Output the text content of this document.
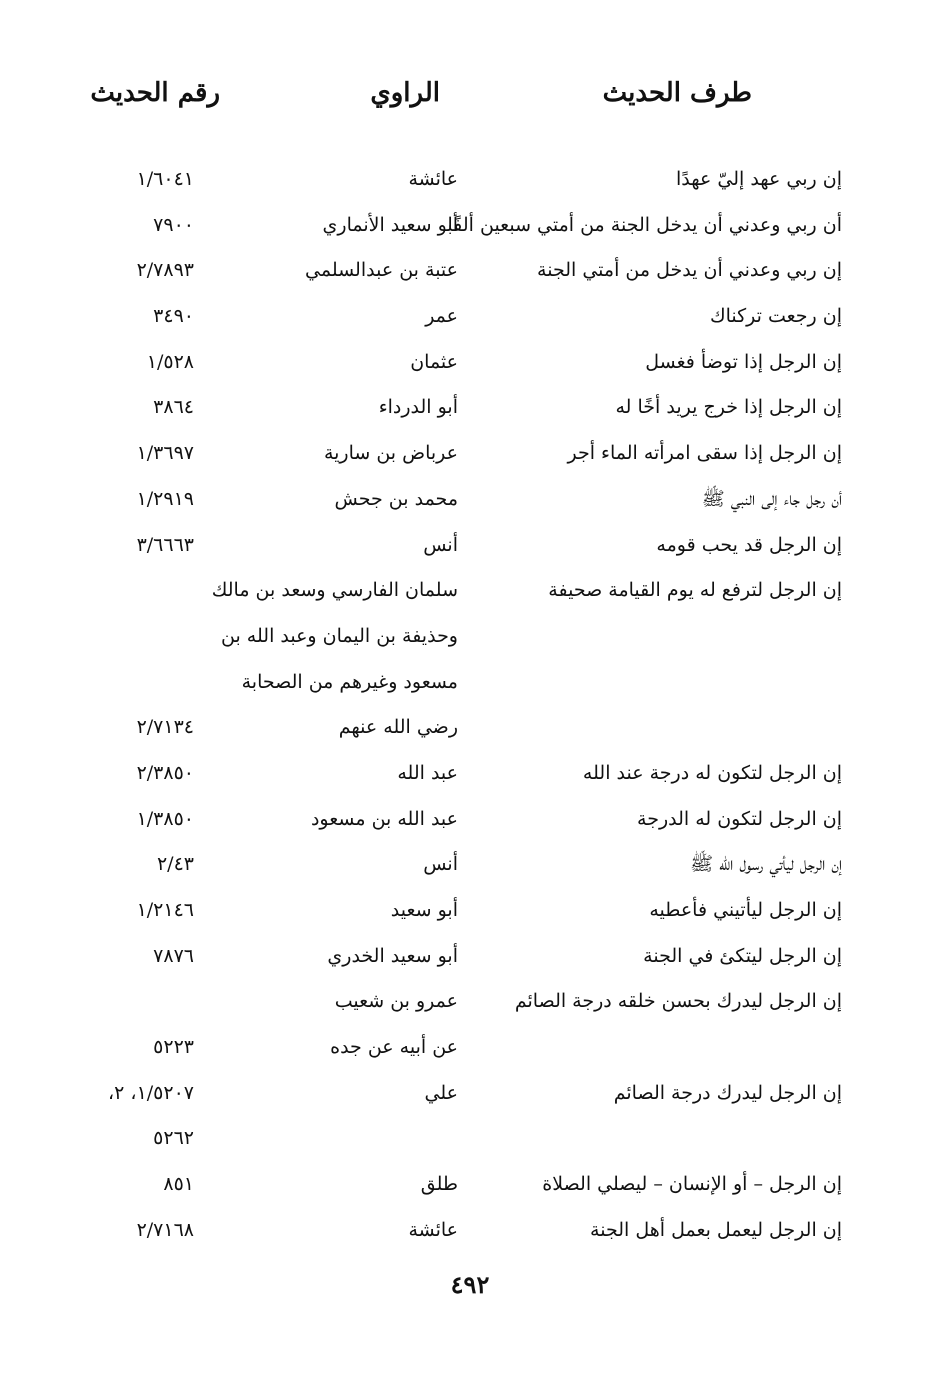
طرف الحديث
الراوي
رقم الحديث
إن ربي عهد إليّ عهدًا
عائشة
١/٦٠٤١
أن ربي وعدني أن يدخل الجنة من أمتي سبعين ألفًا
أبو سعيد الأنماري
٧٩٠٠
إن ربي وعدني أن يدخل من أمتي الجنة
عتبة بن عبدالسلمي
٢/٧٨٩٣
إن رجعت تركناك
عمر
٣٤٩٠
إن الرجل إذا توضأ فغسل
عثمان
١/٥٢٨
إن الرجل إذا خرج يريد أخًا له
أبو الدرداء
٣٨٦٤
إن الرجل إذا سقى امرأته الماء أجر
عرباض بن سارية
١/٣٦٩٧
أن رجل جاء إلى النبي ﷺ
محمد بن جحش
١/٢٩١٩
إن الرجل قد يحب قومه
أنس
٣/٦٦٦٣
إن الرجل لترفع له يوم القيامة صحيفة
سلمان الفارسي وسعد بن مالك
وحذيفة بن اليمان وعبد الله بن
مسعود وغيرهم من الصحابة
رضي الله عنهم
٢/٧١٣٤
إن الرجل لتكون له درجة عند الله
عبد الله
٢/٣٨٥٠
إن الرجل لتكون له الدرجة
عبد الله بن مسعود
١/٣٨٥٠
إن الرجل ليأتي رسول الله ﷺ
أنس
٢/٤٣
إن الرجل ليأتيني فأعطيه
أبو سعيد
١/٢١٤٦
إن الرجل ليتكئ في الجنة
أبو سعيد الخدري
٧٨٧٦
إن الرجل ليدرك بحسن خلقه درجة الصائم
عمرو بن شعيب
عن أبيه عن جده
٥٢٢٣
إن الرجل ليدرك درجة الصائم
علي
١/٥٢٠٧، ٢،
٥٢٦٢
إن الرجل – أو الإنسان – ليصلي الصلاة
طلق
٨٥١
إن الرجل ليعمل بعمل أهل الجنة
عائشة
٢/٧١٦٨
٤٩٢
